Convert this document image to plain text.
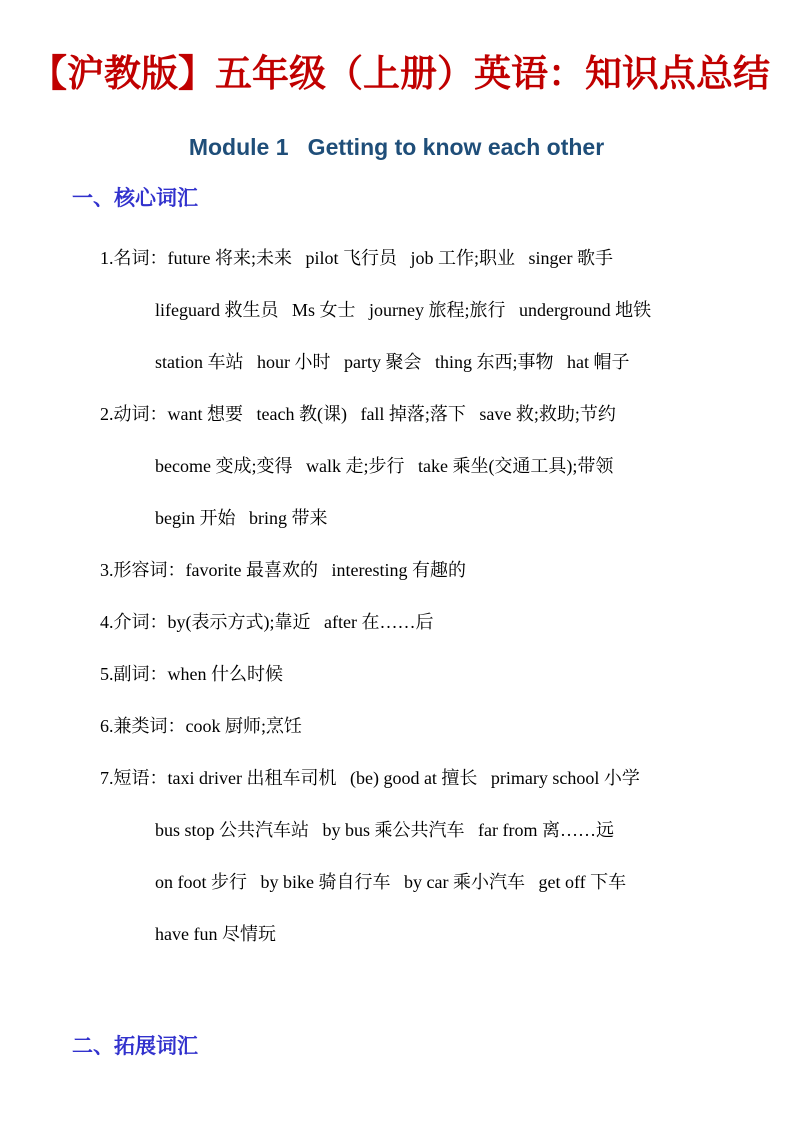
【沪教版】五年级（上册）英语：知识点总结
Module 1   Getting to know each other
一、核心词汇
1.名词：future 将来;未来   pilot 飞行员   job 工作;职业   singer 歌手
lifeguard 救生员   Ms 女士   journey 旅程;旅行   underground 地铁
station 车站   hour 小时   party 聚会   thing 东西;事物   hat 帽子
2.动词：want 想要   teach 教(课)   fall 掉落;落下   save 救;救助;节约
become 变成;变得   walk 走;步行   take 乘坐(交通工具);带领
begin 开始   bring 带来
3.形容词：favorite 最喜欢的   interesting 有趣的
4.介词：by(表示方式);靠近   after 在……后
5.副词：when 什么时候
6.兼类词：cook 厨师;烹饪
7.短语：taxi driver 出租车司机   (be) good at 擅长   primary school 小学
bus stop 公共汽车站   by bus 乘公共汽车   far from 离……远
on foot 步行   by bike 骑自行车   by car 乘小汽车   get off 下车
have fun 尽情玩
二、拓展词汇
